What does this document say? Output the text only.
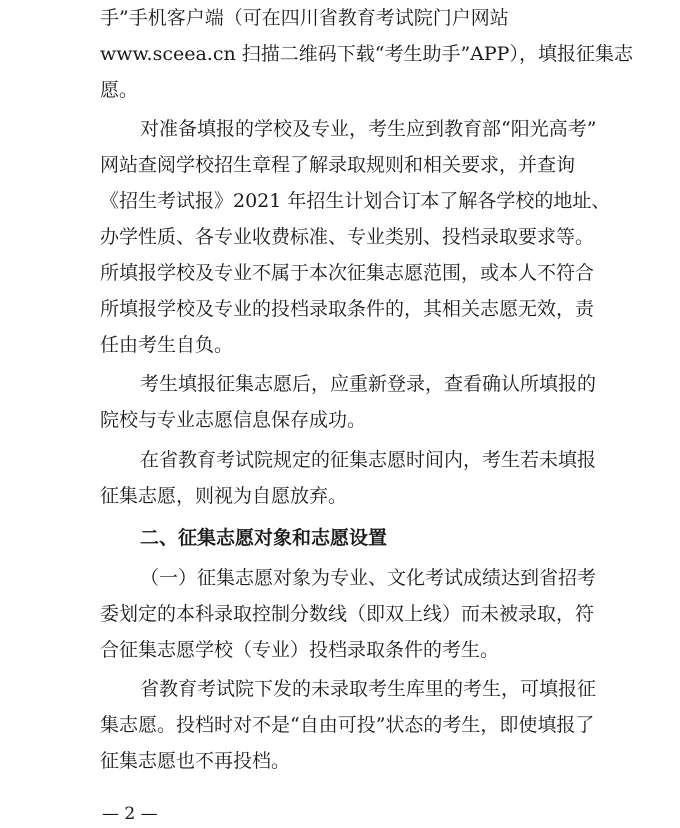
手”手机客户端（可在四川省教育考试院门户网站
www.sceea.cn 扫描二维码下载“考生助手”APP），填报征集志
愿。
对准备填报的学校及专业，考生应到教育部“阳光高考”
网站查阅学校招生章程了解录取规则和相关要求，并查询
《招生考试报》2021 年招生计划合订本了解各学校的地址、
办学性质、各专业收费标准、专业类别、投档录取要求等。
所填报学校及专业不属于本次征集志愿范围，或本人不符合
所填报学校及专业的投档录取条件的，其相关志愿无效，责
任由考生自负。
考生填报征集志愿后，应重新登录，查看确认所填报的
院校与专业志愿信息保存成功。
在省教育考试院规定的征集志愿时间内，考生若未填报
征集志愿，则视为自愿放弃。
二、征集志愿对象和志愿设置
（一）征集志愿对象为专业、文化考试成绩达到省招考
委划定的本科录取控制分数线（即双上线）而未被录取，符
合征集志愿学校（专业）投档录取条件的考生。
省教育考试院下发的未录取考生库里的考生，可填报征
集志愿。投档时对不是“自由可投”状态的考生，即使填报了
征集志愿也不再投档。
— 2 —
